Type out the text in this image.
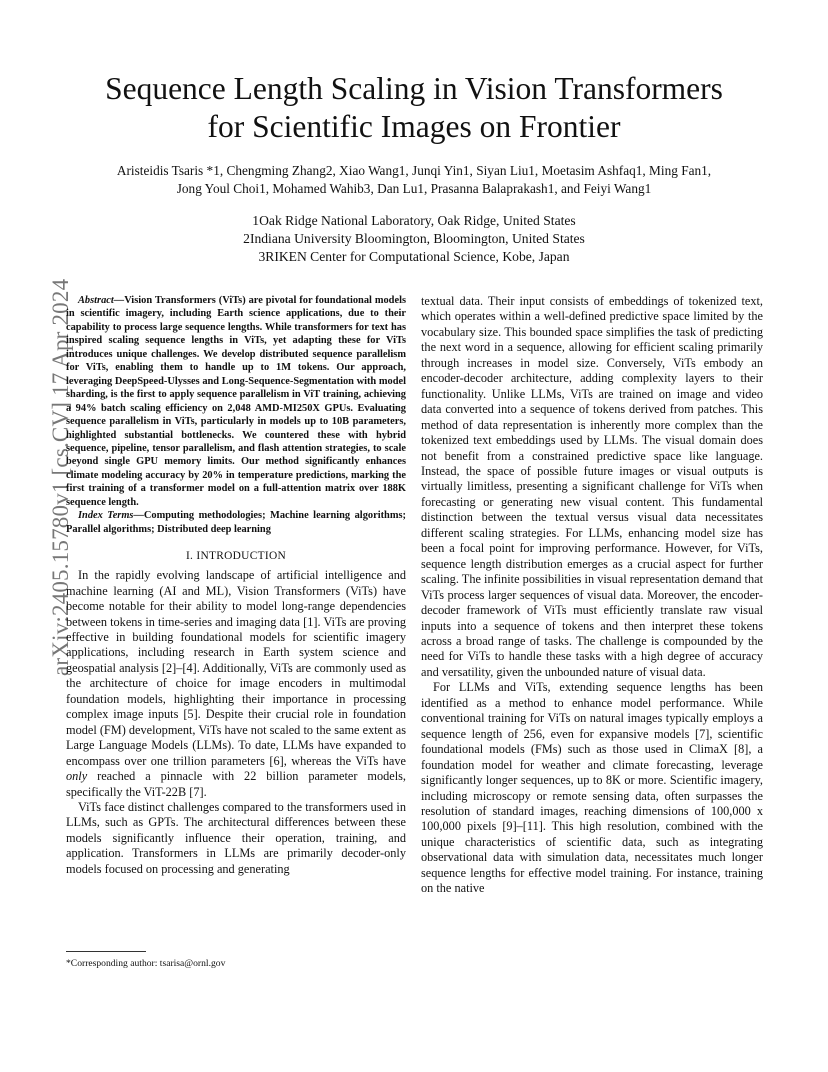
arXiv:2405.15780v1 [cs.CV] 17 Apr 2024
Sequence Length Scaling in Vision Transformers
for Scientific Images on Frontier
Aristeidis Tsaris *1, Chengming Zhang2, Xiao Wang1, Junqi Yin1, Siyan Liu1, Moetasim Ashfaq1, Ming Fan1,
Jong Youl Choi1, Mohamed Wahib3, Dan Lu1, Prasanna Balaprakash1, and Feiyi Wang1
1Oak Ridge National Laboratory, Oak Ridge, United States
2Indiana University Bloomington, Bloomington, United States
3RIKEN Center for Computational Science, Kobe, Japan

Abstract—Vision Transformers (ViTs) are pivotal for foundational models in scientific imagery, including Earth science applications, due to their capability to process large sequence lengths. While transformers for text has inspired scaling sequence lengths in ViTs, yet adapting these for ViTs introduces unique challenges. We develop distributed sequence parallelism for ViTs, enabling them to handle up to 1M tokens. Our approach, leveraging DeepSpeed-Ulysses and Long-Sequence-Segmentation with model sharding, is the first to apply sequence parallelism in ViT training, achieving a 94% batch scaling efficiency on 2,048 AMD-MI250X GPUs. Evaluating sequence parallelism in ViTs, particularly in models up to 10B parameters, highlighted substantial bottlenecks. We countered these with hybrid sequence, pipeline, tensor parallelism, and flash attention strategies, to scale beyond single GPU memory limits. Our method significantly enhances climate modeling accuracy by 20% in temperature predictions, marking the first training of a transformer model on a full-attention matrix over 188K sequence length.

Index Terms—Computing methodologies; Machine learning algorithms; Parallel algorithms; Distributed deep learning

I. INTRODUCTION

In the rapidly evolving landscape of artificial intelligence and machine learning (AI and ML), Vision Transformers (ViTs) have become notable for their ability to model long-range dependencies between tokens in time-series and imaging data [1]. ViTs are proving effective in building foundational models for scientific imagery applications, including research in Earth system science and geospatial analysis [2]–[4]. Additionally, ViTs are commonly used as the architecture of choice for image encoders in multimodal foundation models, highlighting their importance in processing complex image inputs [5]. Despite their crucial role in foundation model (FM) development, ViTs have not scaled to the same extent as Large Language Models (LLMs). To date, LLMs have expanded to encompass over one trillion parameters [6], whereas the ViTs have only reached a pinnacle with 22 billion parameter models, specifically the ViT-22B [7].

ViTs face distinct challenges compared to the transformers used in LLMs, such as GPTs. The architectural differences between these models significantly influence their operation, training, and application. Transformers in LLMs are primarily decoder-only models focused on processing and generating

*Corresponding author: tsarisa@ornl.gov

textual data. Their input consists of embeddings of tokenized text, which operates within a well-defined predictive space limited by the vocabulary size. This bounded space simplifies the task of predicting the next word in a sequence, allowing for efficient scaling primarily through increases in model size. Conversely, ViTs embody an encoder-decoder architecture, adding complexity layers to their functionality. Unlike LLMs, ViTs are trained on image and video data converted into a sequence of tokens derived from patches. This method of data representation is inherently more complex than the tokenized text embeddings used by LLMs. The visual domain does not benefit from a constrained predictive space like language. Instead, the space of possible future images or visual outputs is virtually limitless, presenting a significant challenge for ViTs when forecasting or generating new visual content. This fundamental distinction between the textual versus visual data necessitates different scaling strategies. For LLMs, enhancing model size has been a focal point for improving performance. However, for ViTs, sequence length distribution emerges as a crucial aspect for further scaling. The infinite possibilities in visual representation demand that ViTs process larger sequences of visual data. Moreover, the encoder-decoder framework of ViTs must efficiently translate raw visual inputs into a sequence of tokens and then interpret these tokens across a broad range of tasks. The challenge is compounded by the need for ViTs to handle these tasks with a high degree of accuracy and versatility, given the unbounded nature of visual data.

For LLMs and ViTs, extending sequence lengths has been identified as a method to enhance model performance. While conventional training for ViTs on natural images typically employs a sequence length of 256, even for expansive models [7], scientific foundational models (FMs) such as those used in ClimaX [8], a foundation model for weather and climate forecasting, leverage significantly longer sequences, up to 8K or more. Scientific imagery, including microscopy or remote sensing data, often surpasses the resolution of standard images, reaching dimensions of 100,000 x 100,000 pixels [9]–[11]. This high resolution, combined with the unique characteristics of scientific data, such as integrating observational data with simulation data, necessitates much longer sequence lengths for effective model training. For instance, training on the native
